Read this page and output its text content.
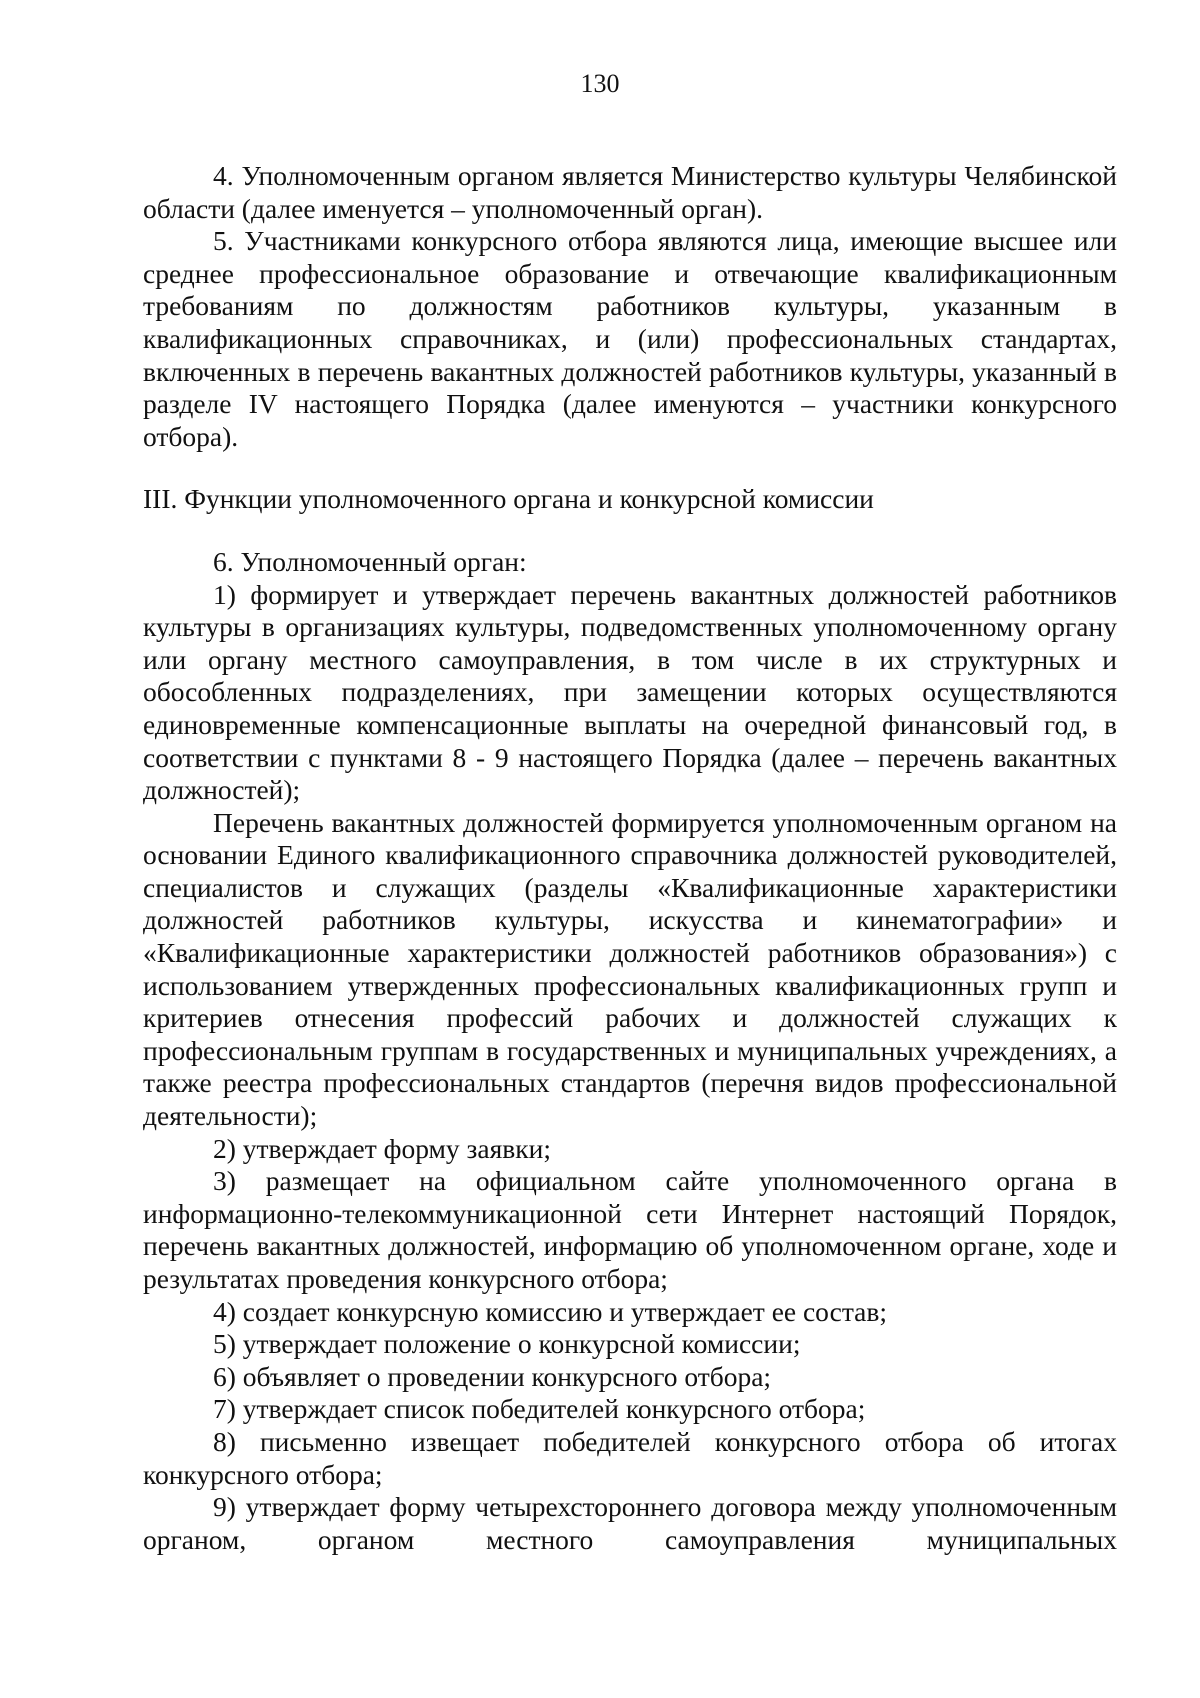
130

4. Уполномоченным органом является Министерство культуры Челябинской области (далее именуется – уполномоченный орган).

5. Участниками конкурсного отбора являются лица, имеющие высшее или среднее профессиональное образование и отвечающие квалификационным требованиям по должностям работников культуры, указанным в квалификационных справочниках, и (или) профессиональных стандартах, включенных в перечень вакантных должностей работников культуры, указанный в разделе IV настоящего Порядка (далее именуются – участники конкурсного отбора).

III. Функции уполномоченного органа и конкурсной комиссии

6. Уполномоченный орган:

1) формирует и утверждает перечень вакантных должностей работников культуры в организациях культуры, подведомственных уполномоченному органу или органу местного самоуправления, в том числе в их структурных и обособленных подразделениях, при замещении которых осуществляются единовременные компенсационные выплаты на очередной финансовый год, в соответствии с пунктами 8 - 9 настоящего Порядка (далее – перечень вакантных должностей);

Перечень вакантных должностей формируется уполномоченным органом на основании Единого квалификационного справочника должностей руководителей, специалистов и служащих (разделы «Квалификационные характеристики должностей работников культуры, искусства и кинематографии» и «Квалификационные характеристики должностей работников образования») с использованием утвержденных профессиональных квалификационных групп и критериев отнесения профессий рабочих и должностей служащих к профессиональным группам в государственных и муниципальных учреждениях, а также реестра профессиональных стандартов (перечня видов профессиональной деятельности);

2) утверждает форму заявки;

3) размещает на официальном сайте уполномоченного органа в информационно-телекоммуникационной сети Интернет настоящий Порядок, перечень вакантных должностей, информацию об уполномоченном органе, ходе и результатах проведения конкурсного отбора;

4) создает конкурсную комиссию и утверждает ее состав;

5) утверждает положение о конкурсной комиссии;

6) объявляет о проведении конкурсного отбора;

7) утверждает список победителей конкурсного отбора;

8) письменно извещает победителей конкурсного отбора об итогах конкурсного отбора;

9) утверждает форму четырехстороннего договора между уполномоченным органом, органом местного самоуправления муниципальных
